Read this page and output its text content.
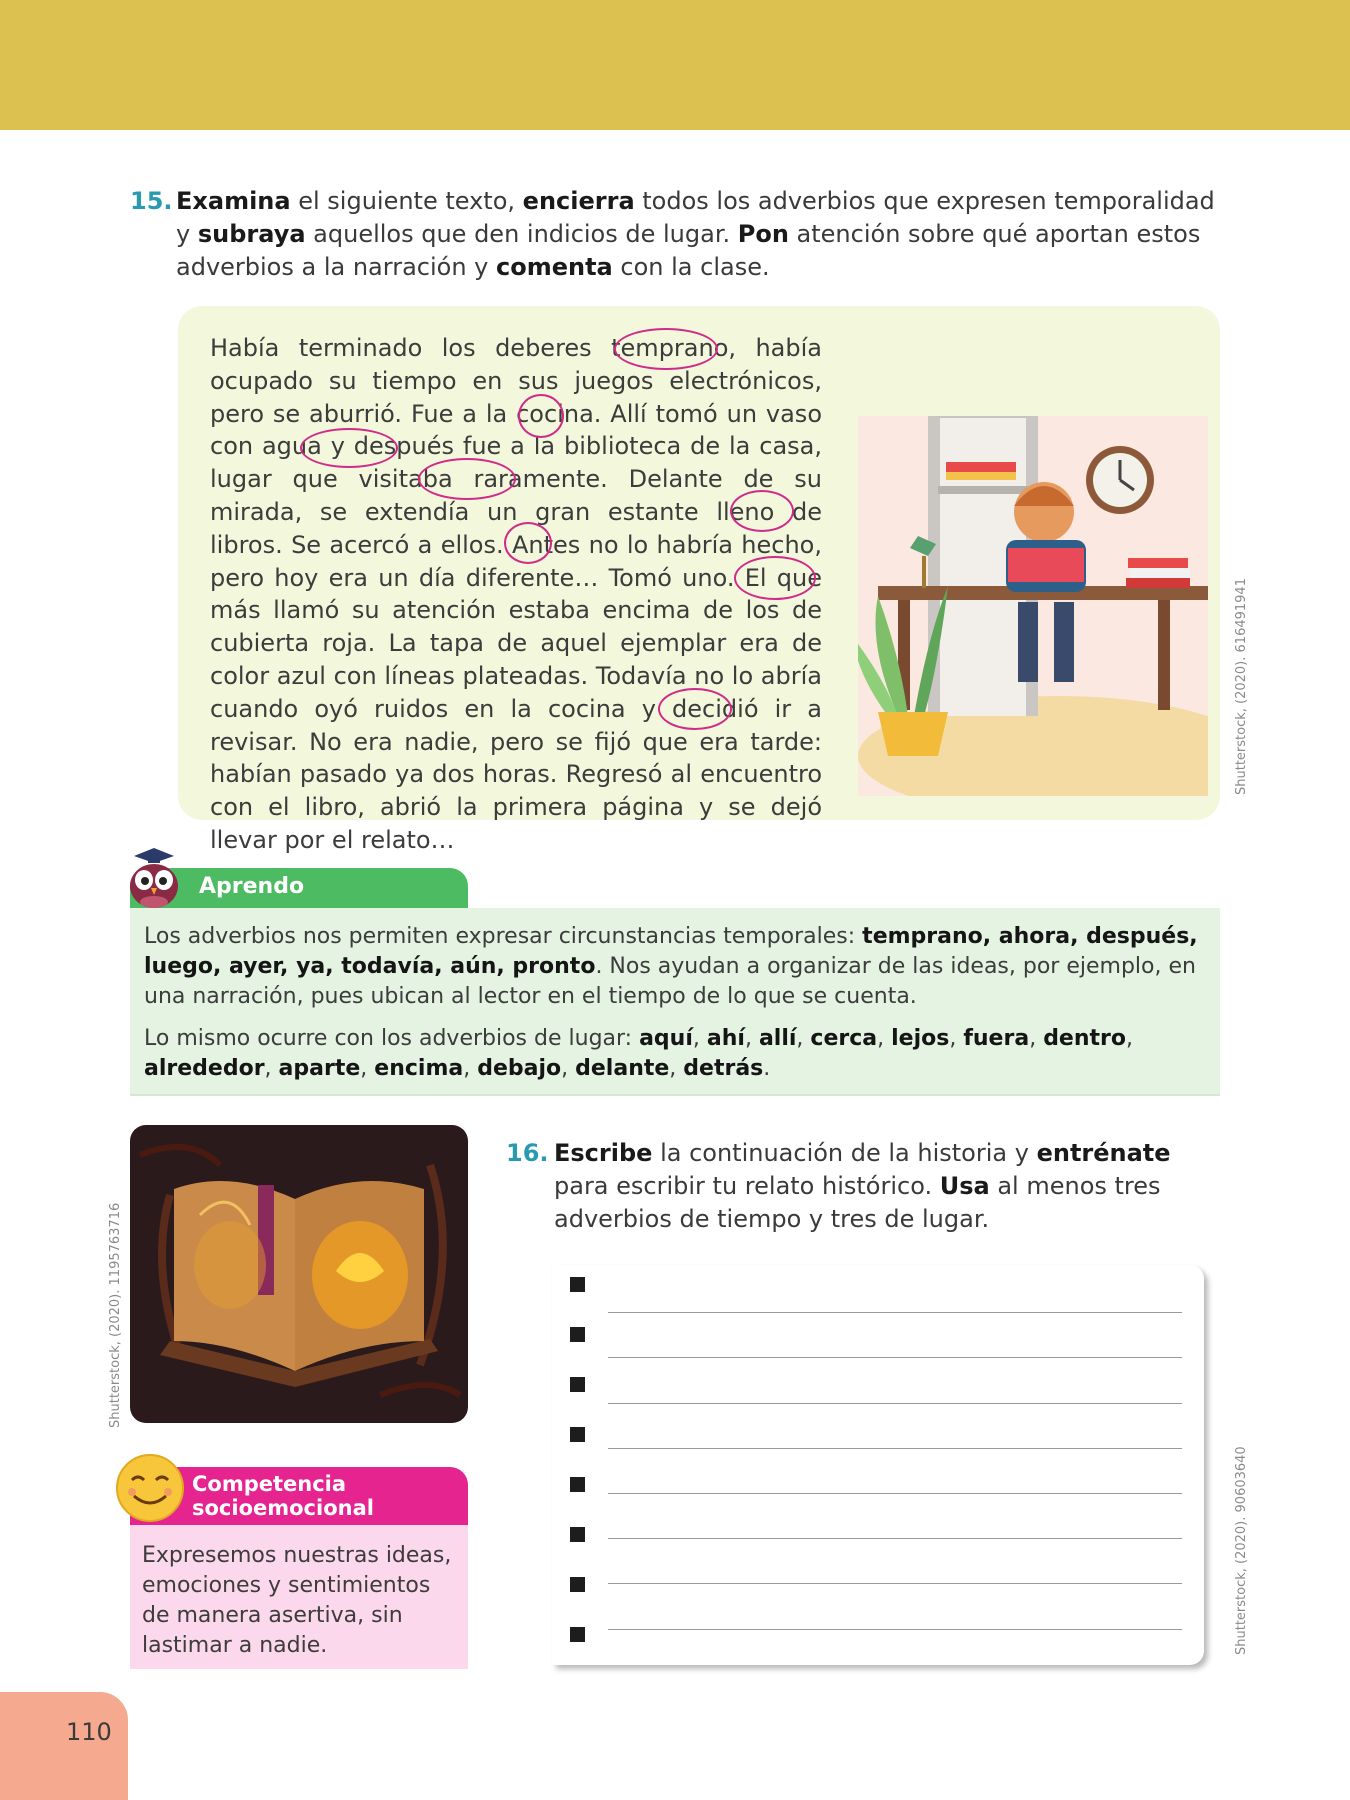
15. Examina el siguiente texto, encierra todos los adverbios que expresen temporalidad y subraya aquellos que den indicios de lugar. Pon atención sobre qué aportan estos adverbios a la narración y comenta con la clase.
Había terminado los deberes temprano, había ocupado su tiempo en sus juegos electrónicos, pero se aburrió. Fue a la cocina. Allí tomó un vaso con agua y después fue a la biblioteca de la casa, lugar que visitaba raramente. Delante de su mirada, se extendía un gran estante lleno de libros. Se acercó a ellos. Antes no lo habría hecho, pero hoy era un día diferente… Tomó uno. El que más llamó su atención estaba encima de los de cubierta roja. La tapa de aquel ejemplar era de color azul con líneas plateadas. Todavía no lo abría cuando oyó ruidos en la cocina y decidió ir a revisar. No era nadie, pero se fijó que era tarde: habían pasado ya dos horas. Regresó al encuentro con el libro, abrió la primera página y se dejó llevar por el relato…
Shutterstock, (2020). 616491941
Aprendo
Los adverbios nos permiten expresar circunstancias temporales: temprano, ahora, después, luego, ayer, ya, todavía, aún, pronto. Nos ayudan a organizar de las ideas, por ejemplo, en una narración, pues ubican al lector en el tiempo de lo que se cuenta.
Lo mismo ocurre con los adverbios de lugar: aquí, ahí, allí, cerca, lejos, fuera, dentro, alrededor, aparte, encima, debajo, delante, detrás.
Shutterstock, (2020). 1195763716
16. Escribe la continuación de la historia y entrénate para escribir tu relato histórico. Usa al menos tres adverbios de tiempo y tres de lugar.
Shutterstock, (2020). 90603640
Competencia
socioemocional
Expresemos nuestras ideas, emociones y sentimientos de manera asertiva, sin lastimar a nadie.
110
